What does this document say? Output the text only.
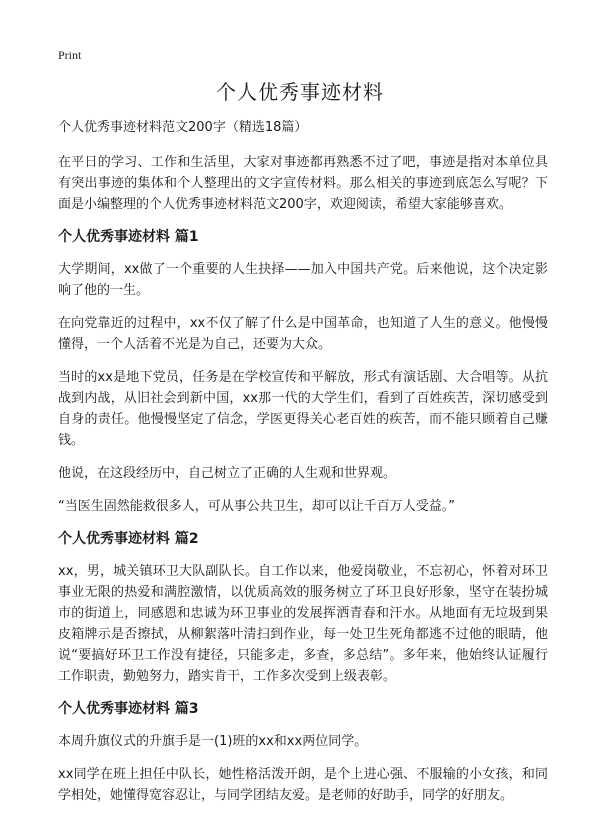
Print
个人优秀事迹材料

个人优秀事迹材料范文200字（精选18篇）

在平日的学习、工作和生活里，大家对事迹都再熟悉不过了吧，事迹是指对本单位具有突出事迹的集体和个人整理出的文字宣传材料。那么相关的事迹到底怎么写呢？下面是小编整理的个人优秀事迹材料范文200字，欢迎阅读，希望大家能够喜欢。

个人优秀事迹材料 篇1

大学期间，xx做了一个重要的人生抉择——加入中国共产党。后来他说，这个决定影响了他的一生。

在向党靠近的过程中，xx不仅了解了什么是中国革命，也知道了人生的意义。他慢慢懂得，一个人活着不光是为自己，还要为大众。

当时的xx是地下党员，任务是在学校宣传和平解放，形式有演话剧、大合唱等。从抗战到内战，从旧社会到新中国，xx那一代的大学生们，看到了百姓疾苦，深切感受到自身的责任。他慢慢坚定了信念，学医更得关心老百姓的疾苦，而不能只顾着自己赚钱。

他说，在这段经历中，自己树立了正确的人生观和世界观。

“当医生固然能救很多人，可从事公共卫生，却可以让千百万人受益。”

个人优秀事迹材料 篇2

xx，男，城关镇环卫大队副队长。自工作以来，他爱岗敬业，不忘初心，怀着对环卫事业无限的热爱和满腔激情，以优质高效的服务树立了环卫良好形象，坚守在装扮城市的街道上，同感恩和忠诚为环卫事业的发展挥洒青春和汗水。从地面有无垃圾到果皮箱牌示是否擦拭，从柳絮落叶清扫到作业，每一处卫生死角都逃不过他的眼睛，他说“要搞好环卫工作没有捷径，只能多走，多查，多总结”。多年来，他始终认证履行工作职责，勤勉努力，踏实肯干，工作多次受到上级表彰。

个人优秀事迹材料 篇3

本周升旗仪式的升旗手是一(1)班的xx和xx两位同学。

xx同学在班上担任中队长，她性格活泼开朗，是个上进心强、不服输的小女孩，和同学相处，她懂得宽容忍让，与同学团结友爱。是老师的好助手，同学的好朋友。
